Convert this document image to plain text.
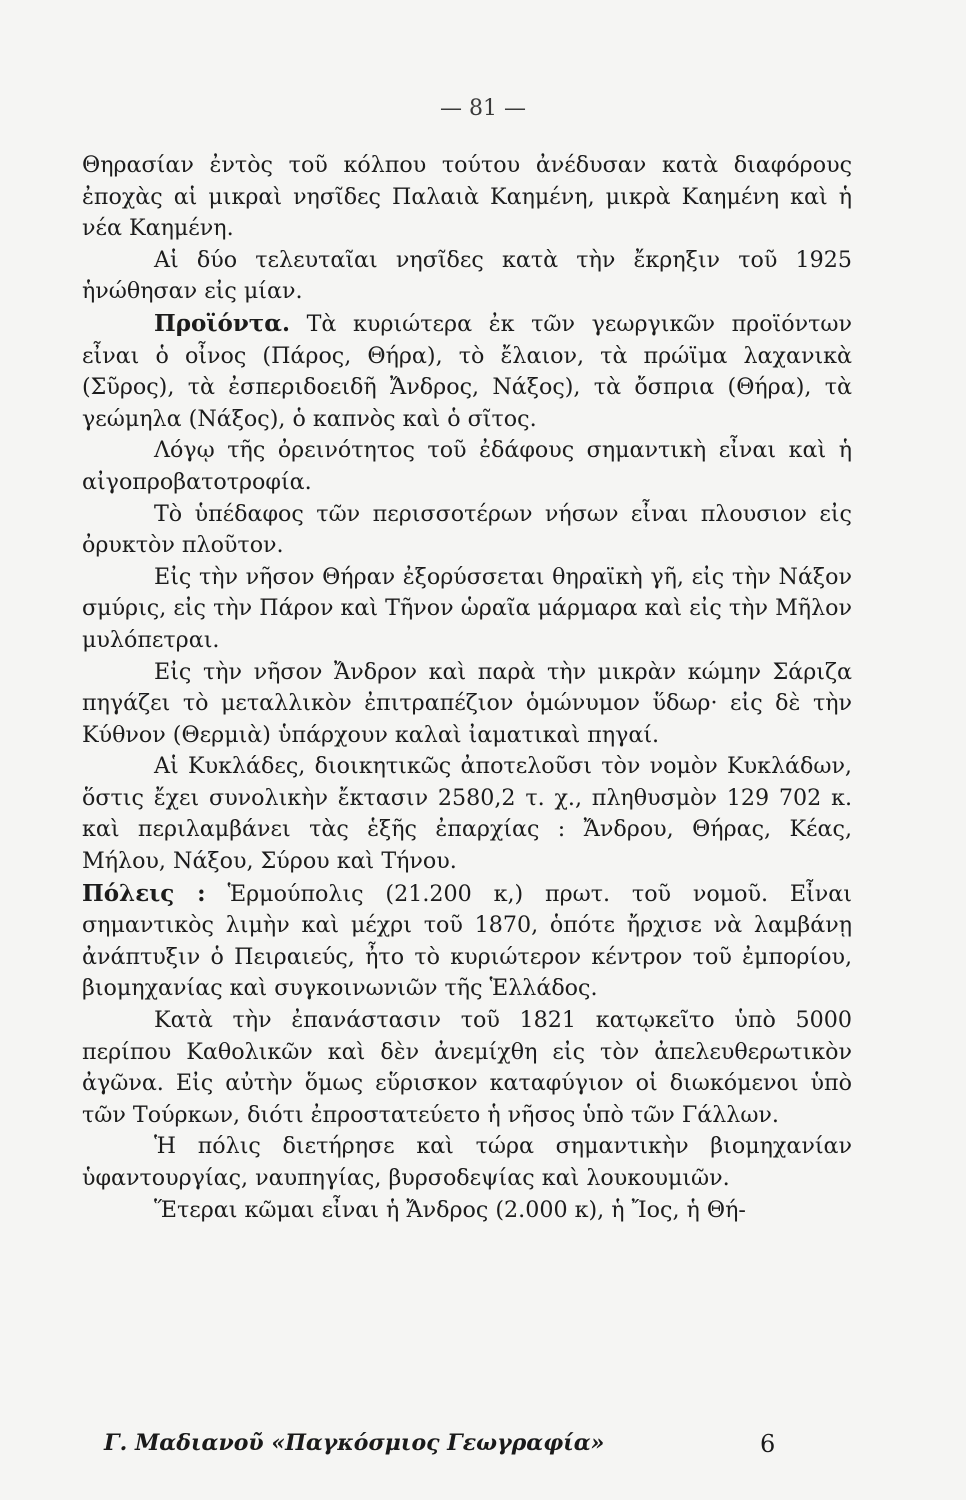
— 81 —

Θηρασίαν ἐντὸς τοῦ κόλπου τούτου ἀνέδυσαν κατὰ διαφόρους ἐποχὰς αἱ μικραὶ νησῖδες Παλαιὰ Καημένη, μικρὰ Καημένη καὶ ἡ νέα Καημένη.

Αἱ δύο τελευταῖαι νησῖδες κατὰ τὴν ἔκρηξιν τοῦ 1925 ἡνώθησαν εἰς μίαν.

Προϊόντα. Τὰ κυριώτερα ἐκ τῶν γεωργικῶν προϊόντων εἶναι ὁ οἶνος (Πάρος, Θήρα), τὸ ἔλαιον, τὰ πρώϊμα λαχανικὰ (Σῦρος), τὰ ἐσπεριδοειδῆ Ἄνδρος, Νάξος), τὰ ὄσπρια (Θήρα), τὰ γεώμηλα (Νάξος), ὁ καπνὸς καὶ ὁ σῖτος.

Λόγῳ τῆς ὀρεινότητος τοῦ ἐδάφους σημαντικὴ εἶναι καὶ ἡ αἰγοπροβατοτροφία.

Τὸ ὑπέδαφος τῶν περισσοτέρων νήσων εἶναι πλουσιον εἰς ὀρυκτὸν πλοῦτον.

Εἰς τὴν νῆσον Θήραν ἐξορύσσεται θηραϊκὴ γῆ, εἰς τὴν Νάξον σμύρις, εἰς τὴν Πάρον καὶ Τῆνον ὡραῖα μάρμαρα καὶ εἰς τὴν Μῆλον μυλόπετραι.

Εἰς τὴν νῆσον Ἄνδρον καὶ παρὰ τὴν μικρὰν κώμην Σάριζα πηγάζει τὸ μεταλλικὸν ἐπιτραπέζιον ὁμώνυμον ὕδωρ· εἰς δὲ τὴν Κύθνον (Θερμιὰ) ὑπάρχουν καλαὶ ἰαματικαὶ πηγαί.

Αἱ Κυκλάδες, διοικητικῶς ἀποτελοῦσι τὸν νομὸν Κυκλάδων, ὅστις ἔχει συνολικὴν ἔκτασιν 2580,2 τ. χ., πληθυσμὸν 129 702 κ. καὶ περιλαμβάνει τὰς ἑξῆς ἐπαρχίας : Ἄνδρου, Θήρας, Κέας, Μήλου, Νάξου, Σύρου καὶ Τήνου.

Πόλεις : Ἑρμούπολις (21.200 κ,) πρωτ. τοῦ νομοῦ. Εἶναι σημαντικὸς λιμὴν καὶ μέχρι τοῦ 1870, ὁπότε ἤρχισε νὰ λαμβάνῃ ἀνάπτυξιν ὁ Πειραιεύς, ἦτο τὸ κυριώτερον κέντρον τοῦ ἐμπορίου, βιομηχανίας καὶ συγκοινωνιῶν τῆς Ἑλλάδος.

Κατὰ τὴν ἐπανάστασιν τοῦ 1821 κατῳκεῖτο ὑπὸ 5000 περίπου Καθολικῶν καὶ δὲν ἀνεμίχθη εἰς τὸν ἀπελευθερωτικὸν ἀγῶνα. Εἰς αὐτὴν ὅμως εὕρισκον καταφύγιον οἱ διωκόμενοι ὑπὸ τῶν Τούρκων, διότι ἐπροστατεύετο ἡ νῆσος ὑπὸ τῶν Γάλλων.

Ἡ πόλις διετήρησε καὶ τώρα σημαντικὴν βιομηχανίαν ὑφαντουργίας, ναυπηγίας, βυρσοδεψίας καὶ λουκουμιῶν.

Ἕτεραι κῶμαι εἶναι ἡ Ἄνδρος (2.000 κ), ἡ Ἴος, ἡ Θή-

Γ. Μαδιανοῦ «Παγκόσμιος Γεωγραφία»	6
